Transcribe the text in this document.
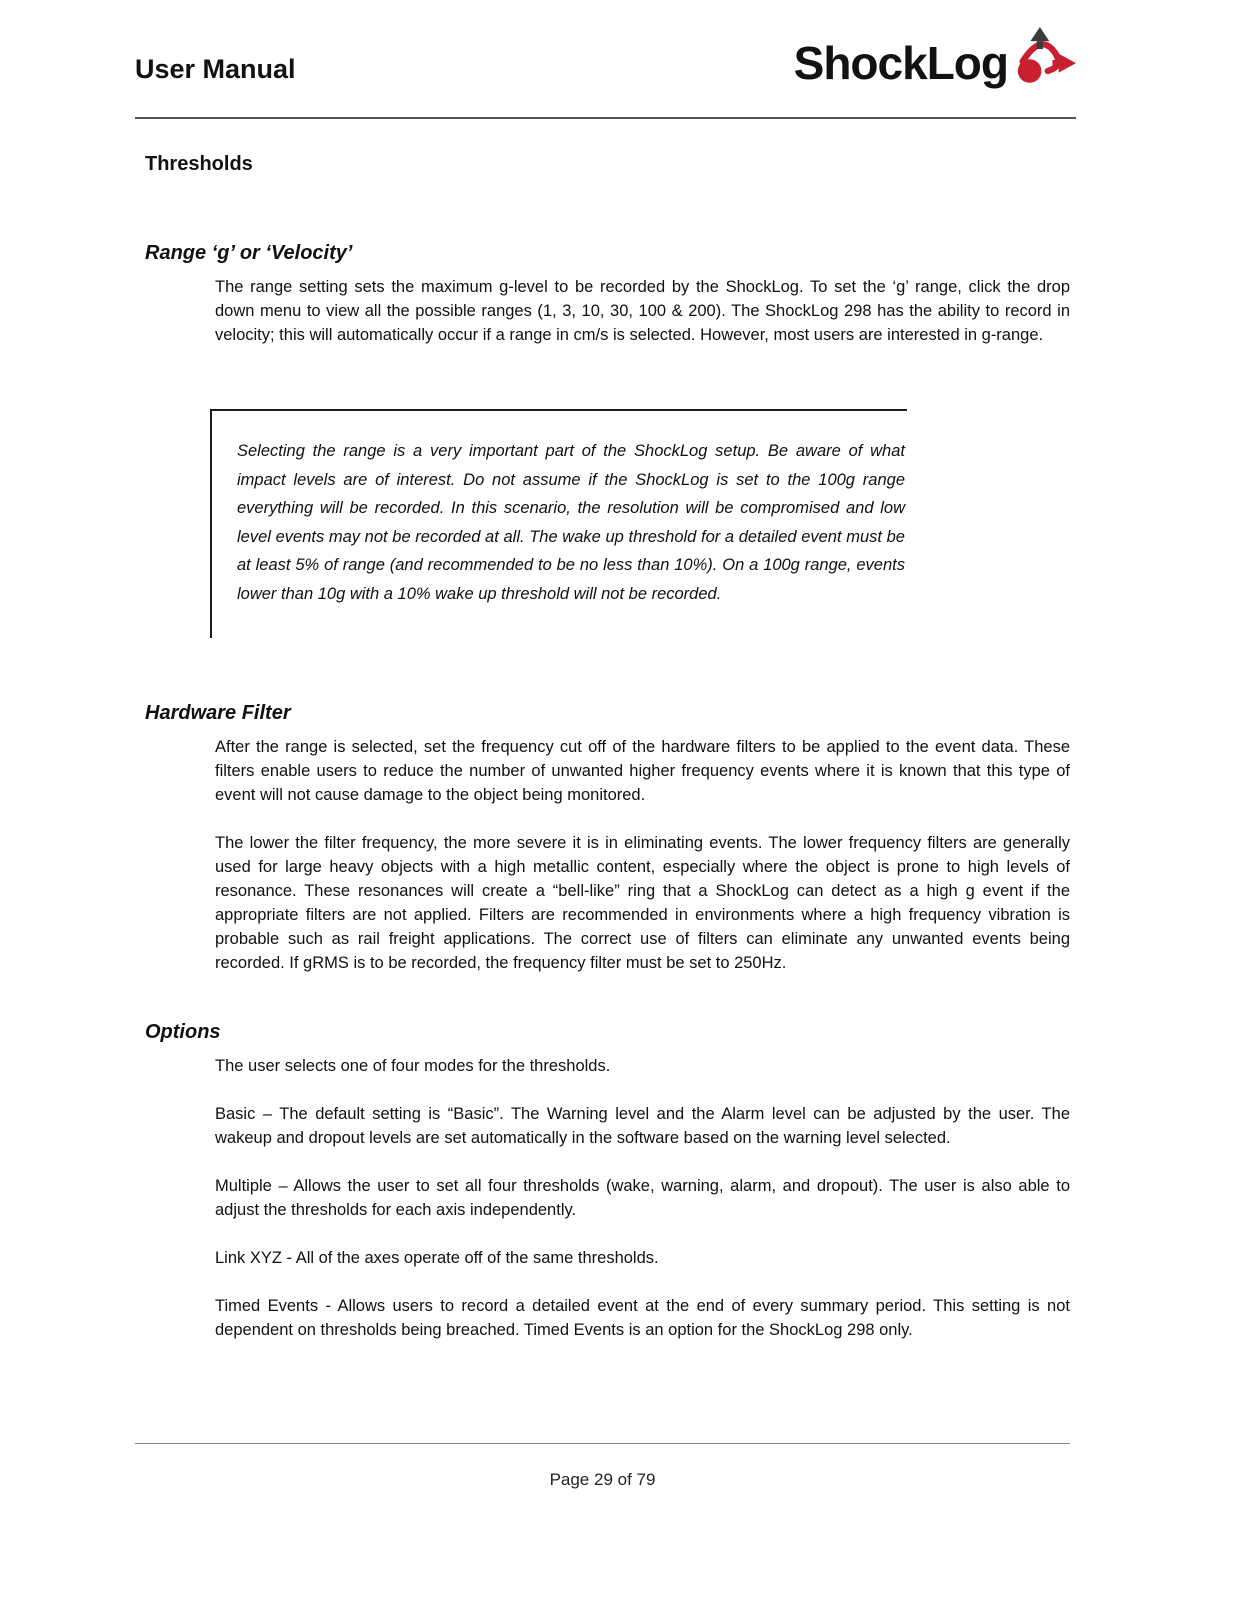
User Manual	ShockLog
Thresholds
Range ‘g’ or ‘Velocity’

The range setting sets the maximum g-level to be recorded by the ShockLog. To set the ‘g’ range, click the drop down menu to view all the possible ranges (1, 3, 10, 30, 100 & 200). The ShockLog 298 has the ability to record in velocity; this will automatically occur if a range in cm/s is selected. However, most users are interested in g-range.

Selecting the range is a very important part of the ShockLog setup. Be aware of what impact levels are of interest. Do not assume if the ShockLog is set to the 100g range everything will be recorded. In this scenario, the resolution will be compromised and low level events may not be recorded at all. The wake up threshold for a detailed event must be at least 5% of range (and recommended to be no less than 10%). On a 100g range, events lower than 10g with a 10% wake up threshold will not be recorded.
Hardware Filter

After the range is selected, set the frequency cut off of the hardware filters to be applied to the event data. These filters enable users to reduce the number of unwanted higher frequency events where it is known that this type of event will not cause damage to the object being monitored.

The lower the filter frequency, the more severe it is in eliminating events. The lower frequency filters are generally used for large heavy objects with a high metallic content, especially where the object is prone to high levels of resonance. These resonances will create a “bell-like” ring that a ShockLog can detect as a high g event if the appropriate filters are not applied. Filters are recommended in environments where a high frequency vibration is probable such as rail freight applications. The correct use of filters can eliminate any unwanted events being recorded. If gRMS is to be recorded, the frequency filter must be set to 250Hz.

Options

The user selects one of four modes for the thresholds.

Basic – The default setting is “Basic”. The Warning level and the Alarm level can be adjusted by the user. The wakeup and dropout levels are set automatically in the software based on the warning level selected.

Multiple – Allows the user to set all four thresholds (wake, warning, alarm, and dropout). The user is also able to adjust the thresholds for each axis independently.

Link XYZ - All of the axes operate off of the same thresholds.

Timed Events - Allows users to record a detailed event at the end of every summary period. This setting is not dependent on thresholds being breached. Timed Events is an option for the ShockLog 298 only.

Page 29 of 79
